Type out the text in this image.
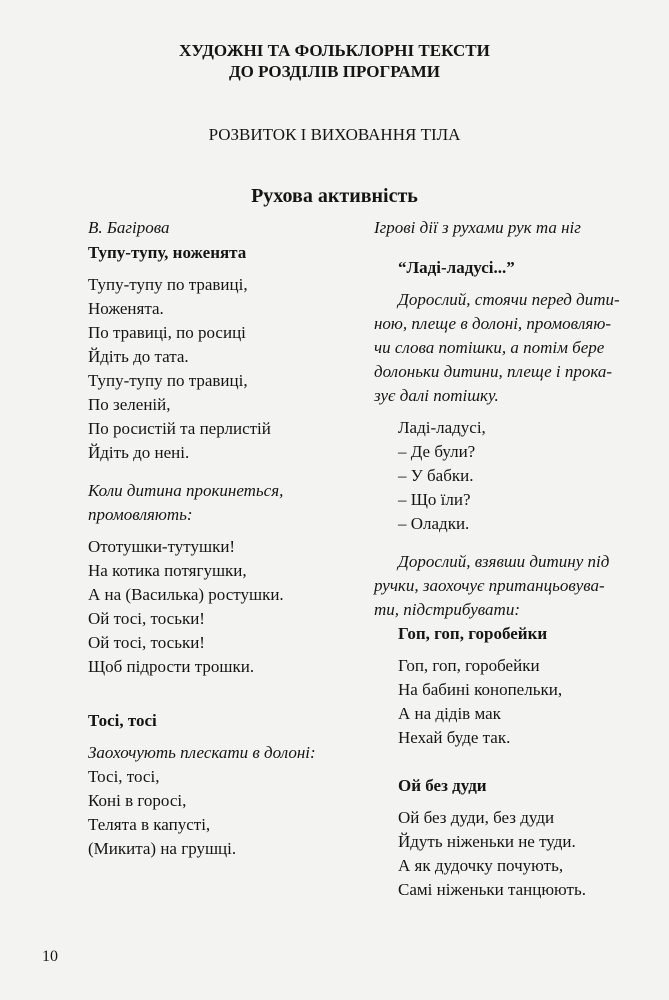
ХУДОЖНІ ТА ФОЛЬКЛОРНІ ТЕКСТИ
ДО РОЗДІЛІВ ПРОГРАМИ
РОЗВИТОК І ВИХОВАННЯ ТІЛА
Рухова активність
В. Багірова
Тупу-тупу, ноженята
Тупу-тупу по травиці,
Ноженята.
По травиці, по росиці
Йдіть до тата.
Тупу-тупу по травиці,
По зеленій,
По росистій та перлистій
Йдіть до нені.
Коли дитина прокинеться,
промовляють:
Ототушки-тутушки!
На котика потягушки,
А на (Василька) ростушки.
Ой тосі, тоськи!
Ой тосі, тоськи!
Щоб підрости трошки.
Тосі, тосі
Заохочують плескати в долоні:
Тосі, тосі,
Коні в горосі,
Телята в капусті,
(Микита) на грушці.
Ігрові дії з рухами рук та ніг
“Ладі-ладусі...”
Дорослий, стоячи перед дити-
ною, плеще в долоні, промовляю-
чи слова потішки, а потім бере
долоньки дитини, плеще і прока-
зує далі потішку.
Ладі-ладусі,
– Де були?
– У бабки.
– Що їли?
– Оладки.
Дорослий, взявши дитину під
ручки, заохочує пританцьовува-
ти, підстрибувати:
Гоп, гоп, горобейки
Гоп, гоп, горобейки
На бабині конопельки,
А на дідів мак
Нехай буде так.
Ой без дуди
Ой без дуди, без дуди
Йдуть ніженьки не туди.
А як дудочку почують,
Самі ніженьки танцюють.
10
